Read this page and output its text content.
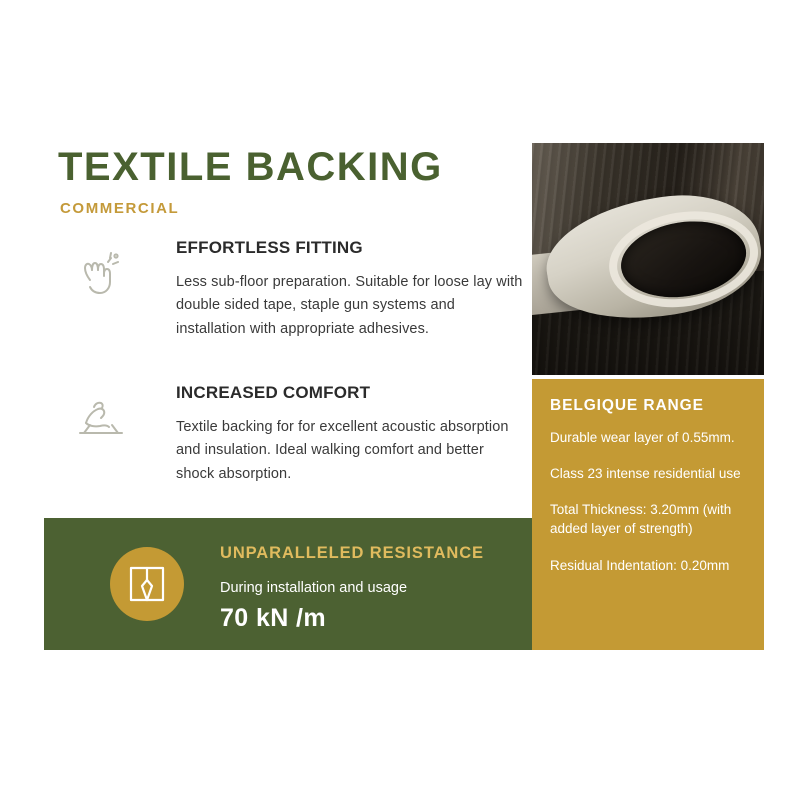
TEXTILE BACKING
COMMERCIAL
EFFORTLESS FITTING
Less sub-floor preparation. Suitable for loose lay with double sided tape, staple gun systems and installation with appropriate adhesives.
INCREASED COMFORT
Textile backing for for excellent acoustic absorption and insulation. Ideal walking comfort and better shock absorption.
BELGIQUE RANGE
Durable wear layer of 0.55mm.
Class 23 intense residential use
Total Thickness: 3.20mm (with added layer of strength)
Residual Indentation: 0.20mm
UNPARALLELED RESISTANCE
During installation and usage
70 kN /m
